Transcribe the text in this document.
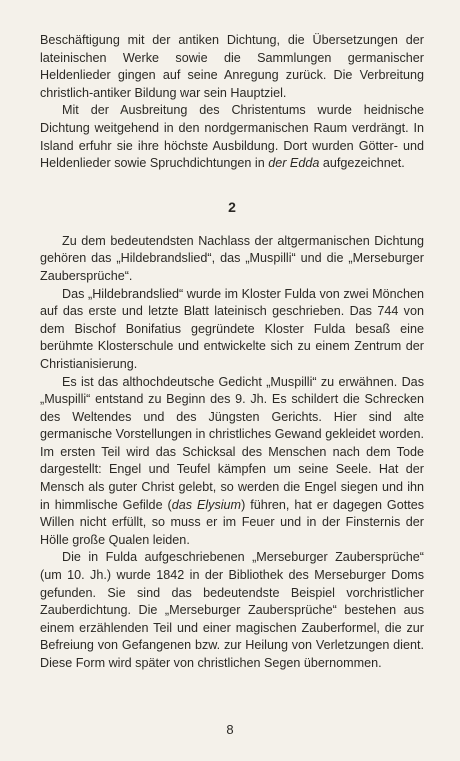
Beschäftigung mit der antiken Dichtung, die Übersetzungen der lateinischen Werke sowie die Sammlungen germanischer Heldenlieder gingen auf seine Anregung zurück. Die Verbreitung christlich-antiker Bildung war sein Hauptziel.

Mit der Ausbreitung des Christentums wurde heidnische Dichtung weitgehend in den nordgermanischen Raum verdrängt. In Island erfuhr sie ihre höchste Ausbildung. Dort wurden Götter- und Heldenlieder sowie Spruchdichtungen in der Edda aufgezeichnet.

2

Zu dem bedeutendsten Nachlass der altgermanischen Dichtung gehören das „Hildebrandslied“, das „Muspilli“ und die „Merseburger Zaubersprüche“.

Das „Hildebrandslied“ wurde im Kloster Fulda von zwei Mönchen auf das erste und letzte Blatt lateinisch geschrieben. Das 744 von dem Bischof Bonifatius gegründete Kloster Fulda besaß eine berühmte Klosterschule und entwickelte sich zu einem Zentrum der Christianisierung.

Es ist das althochdeutsche Gedicht „Muspilli“ zu erwähnen. Das „Muspilli“ entstand zu Beginn des 9. Jh. Es schildert die Schrecken des Weltendes und des Jüngsten Gerichts. Hier sind alte germanische Vorstellungen in christliches Gewand gekleidet worden. Im ersten Teil wird das Schicksal des Menschen nach dem Tode dargestellt: Engel und Teufel kämpfen um seine Seele. Hat der Mensch als guter Christ gelebt, so werden die Engel siegen und ihn in himmlische Gefilde (das Elysium) führen, hat er dagegen Gottes Willen nicht erfüllt, so muss er im Feuer und in der Finsternis der Hölle große Qualen leiden.

Die in Fulda aufgeschriebenen „Merseburger Zaubersprüche“ (um 10. Jh.) wurde 1842 in der Bibliothek des Merseburger Doms gefunden. Sie sind das bedeutendste Beispiel vorchristlicher Zauberdichtung. Die „Merseburger Zaubersprüche“ bestehen aus einem erzählenden Teil und einer magischen Zauberformel, die zur Befreiung von Gefangenen bzw. zur Heilung von Verletzungen dient. Diese Form wird später von christlichen Segen übernommen.

8
